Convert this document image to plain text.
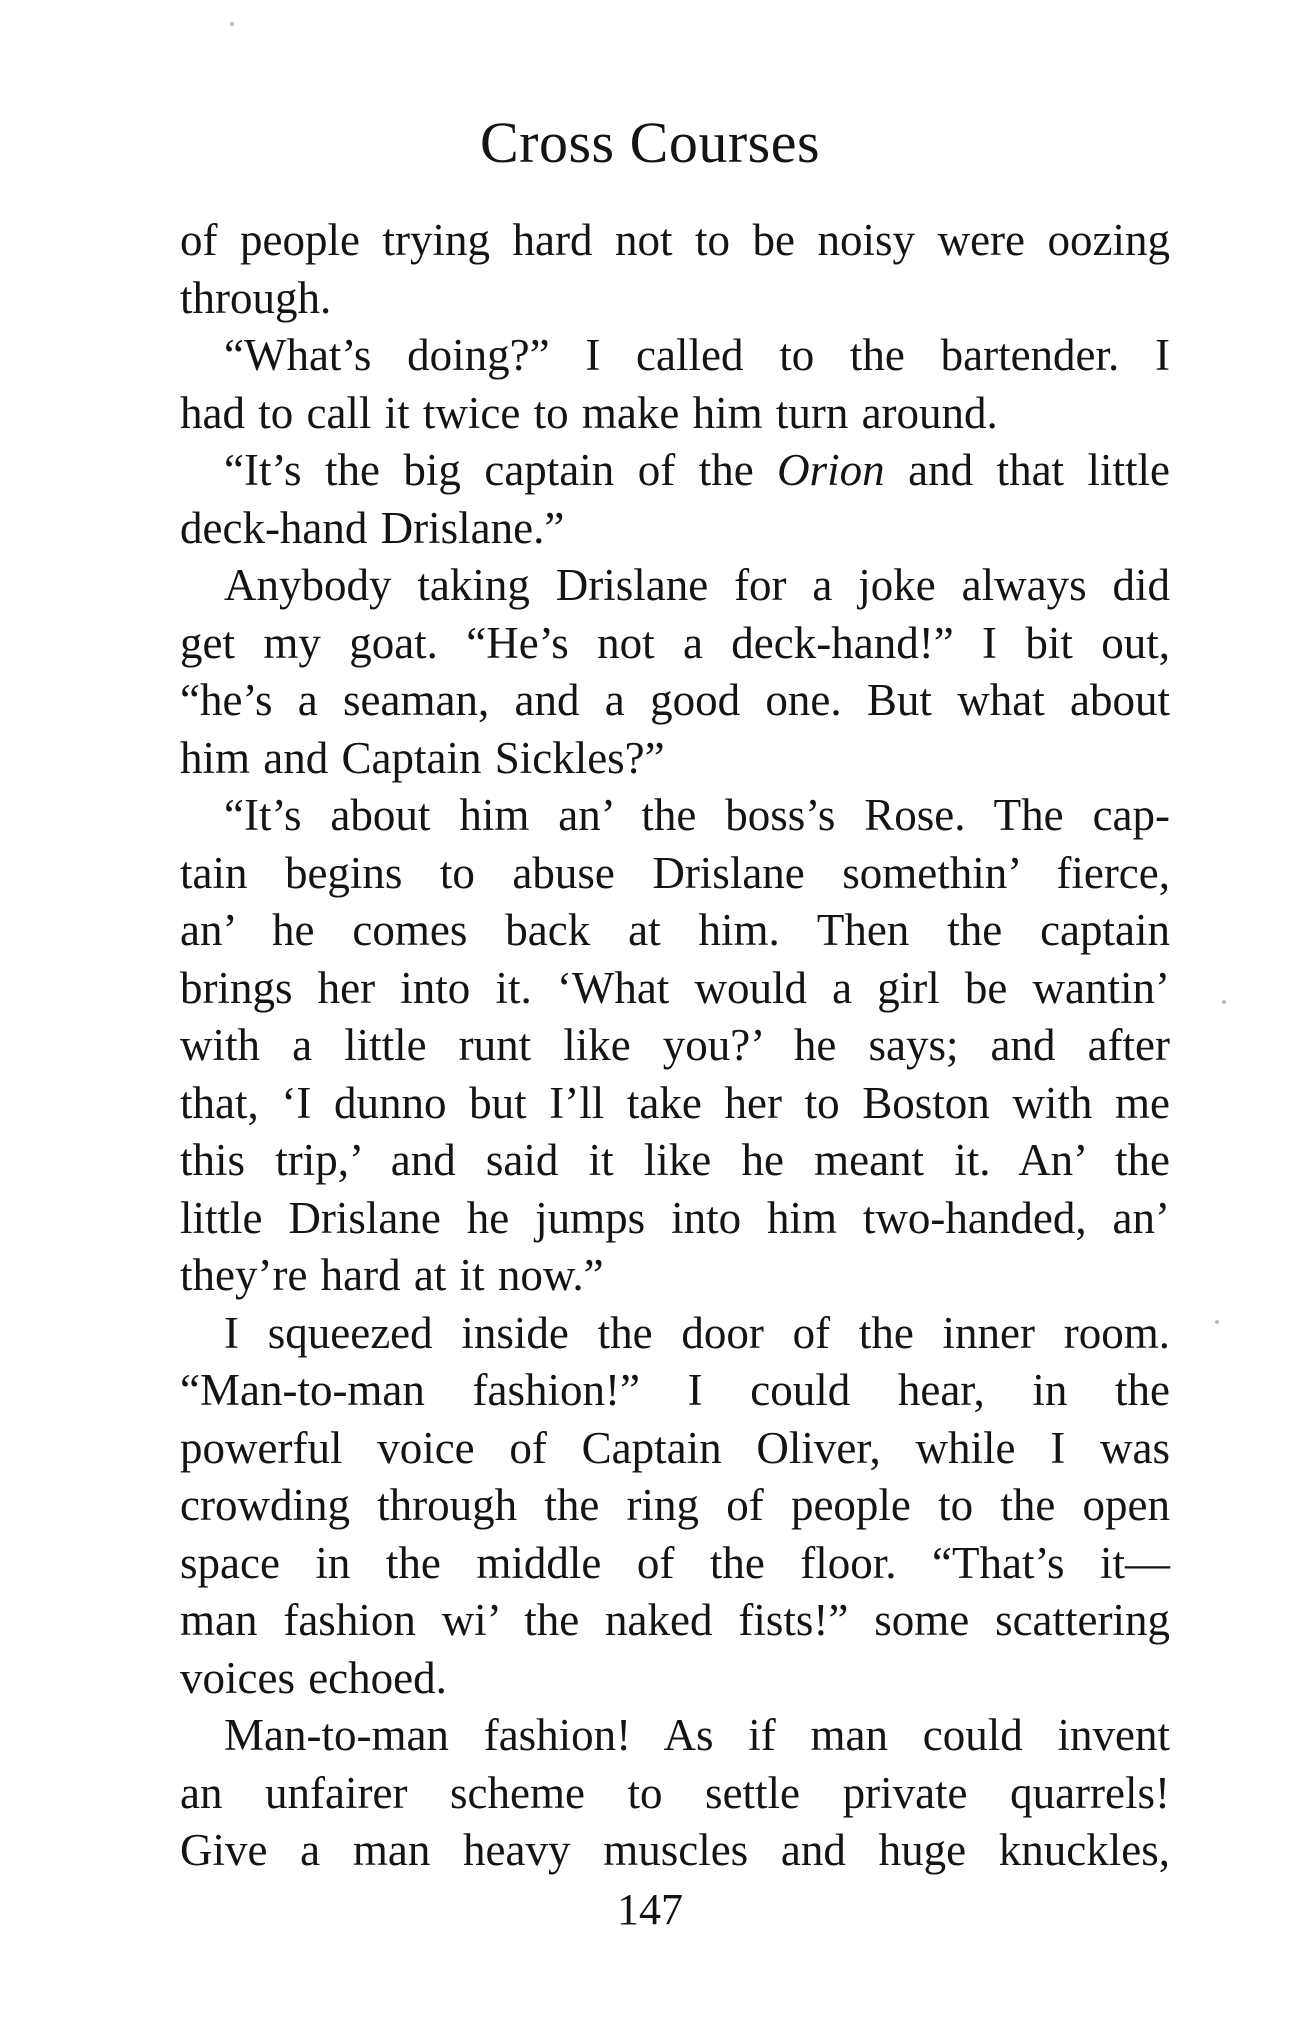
Cross Courses
of people trying hard not to be noisy were oozing
through.
“What’s doing?” I called to the bartender. I
had to call it twice to make him turn around.
“It’s the big captain of the Orion and that little
deck-hand Drislane.”
Anybody taking Drislane for a joke always did
get my goat. “He’s not a deck-hand!” I bit out,
“he’s a seaman, and a good one. But what about
him and Captain Sickles?”
“It’s about him an’ the boss’s Rose. The cap-
tain begins to abuse Drislane somethin’ fierce,
an’ he comes back at him. Then the captain
brings her into it. ‘What would a girl be wantin’
with a little runt like you?’ he says; and after
that, ‘I dunno but I’ll take her to Boston with me
this trip,’ and said it like he meant it. An’ the
little Drislane he jumps into him two-handed, an’
they’re hard at it now.”
I squeezed inside the door of the inner room.
“Man-to-man fashion!” I could hear, in the
powerful voice of Captain Oliver, while I was
crowding through the ring of people to the open
space in the middle of the floor. “That’s it—
man fashion wi’ the naked fists!” some scattering
voices echoed.
Man-to-man fashion! As if man could invent
an unfairer scheme to settle private quarrels!
Give a man heavy muscles and huge knuckles,
147
